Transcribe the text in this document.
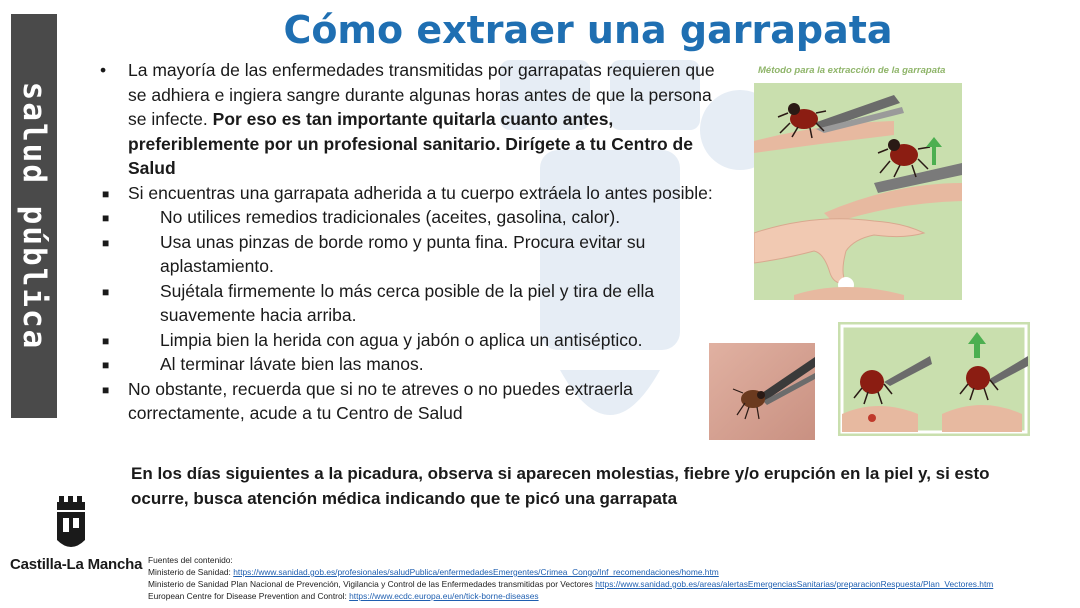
salud pública
Cómo extraer una garrapata
• La mayoría de las enfermedades transmitidas por garrapatas requieren que se adhiera e ingiera sangre durante algunas horas antes de que la persona se infecte. Por eso es tan importante quitarla cuanto antes, preferiblemente por un profesional sanitario. Dirígete a tu Centro de Salud
■ Si encuentras una garrapata adherida a tu cuerpo extráela lo antes posible:
■	No utilices remedios tradicionales (aceites, gasolina, calor).
■	Usa unas pinzas de borde romo y punta fina. Procura evitar su aplastamiento.
■	Sujétala firmemente lo más cerca posible de la piel y tira de ella suavemente hacia arriba.
■	Limpia bien la herida con agua y jabón o aplica un antiséptico.
■	Al terminar lávate bien las manos.
■ No obstante, recuerda que si no te atreves o no puedes extraerla correctamente, acude a tu Centro de Salud

En los días siguientes a la picadura, observa si aparecen molestias, fiebre y/o erupción en la piel y, si esto ocurre, busca atención médica indicando que te picó una garrapata

Método para la extracción de la garrapata
Castilla-La Mancha Fuentes del contenido:
Ministerio de Sanidad: https://www.sanidad.gob.es/profesionales/saludPublica/enfermedadesEmergentes/Crimea_Congo/Inf_recomendaciones/home.htm
Ministerio de Sanidad Plan Nacional de Prevención, Vigilancia y Control de las Enfermedades transmitidas por Vectores https://www.sanidad.gob.es/areas/alertasEmergenciasSanitarias/preparacionRespuesta/Plan_Vectores.htm
European Centre for Disease Prevention and Control: https://www.ecdc.europa.eu/en/tick-borne-diseases
